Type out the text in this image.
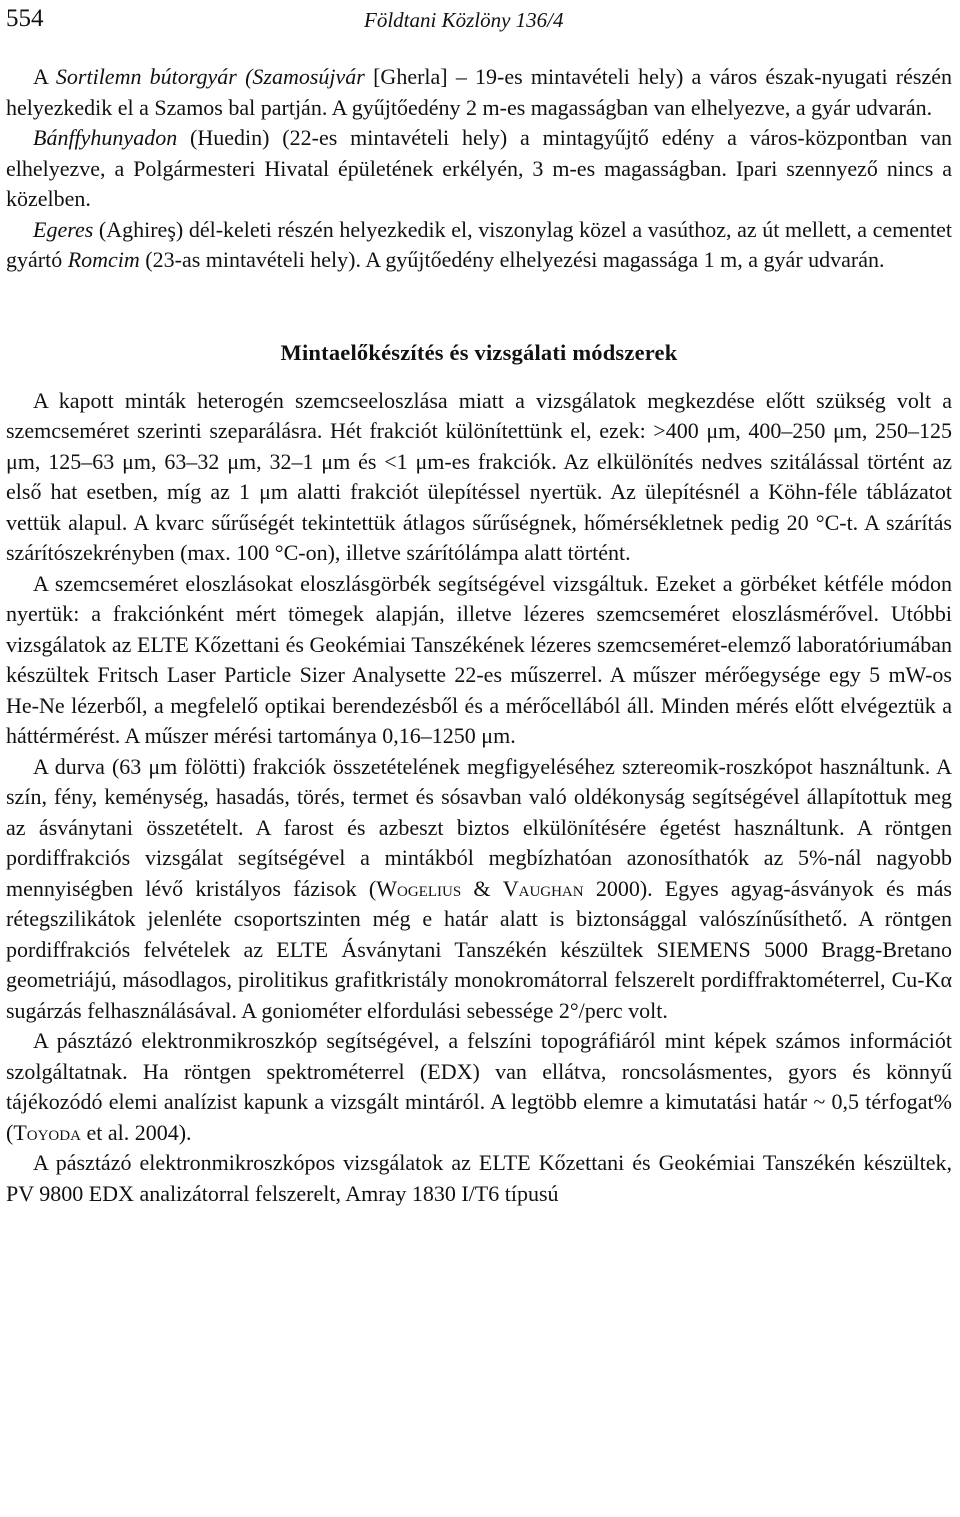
554	Földtani Közlöny 136/4

A Sortilemn bútorgyár (Szamosújvár [Gherla] – 19-es mintavételi hely) a város észak-nyugati részén helyezkedik el a Szamos bal partján. A gyűjtőedény 2 m-es magasságban van elhelyezve, a gyár udvarán.

Bánffyhunyadon (Huedin) (22-es mintavételi hely) a mintagyűjtő edény a város-központban van elhelyezve, a Polgármesteri Hivatal épületének erkélyén, 3 m-es magasságban. Ipari szennyező nincs a közelben.

Egeres (Aghireş) dél-keleti részén helyezkedik el, viszonylag közel a vasúthoz, az út mellett, a cementet gyártó Romcim (23-as mintavételi hely). A gyűjtőedény elhelyezési magassága 1 m, a gyár udvarán.

Mintaelőkészítés és vizsgálati módszerek

A kapott minták heterogén szemcseeloszlása miatt a vizsgálatok megkezdése előtt szükség volt a szemcseméret szerinti szeparálásra. Hét frakciót különítettünk el, ezek: >400 μm, 400–250 μm, 250–125 μm, 125–63 μm, 63–32 μm, 32–1 μm és <1 μm-es frakciók. Az elkülönítés nedves szitálással történt az első hat esetben, míg az 1 μm alatti frakciót ülepítéssel nyertük. Az ülepítésnél a Köhn-féle táblázatot vettük alapul. A kvarc sűrűségét tekintettük átlagos sűrűségnek, hőmérsékletnek pedig 20 °C-t. A szárítás szárítószekrényben (max. 100 °C-on), illetve szárítólámpa alatt történt.

A szemcseméret eloszlásokat eloszlásgörbék segítségével vizsgáltuk. Ezeket a görbéket kétféle módon nyertük: a frakciónként mért tömegek alapján, illetve lézeres szemcseméret eloszlásmérővel. Utóbbi vizsgálatok az ELTE Kőzettani és Geokémiai Tanszékének lézeres szemcseméret-elemző laboratóriumában készültek Fritsch Laser Particle Sizer Analysette 22-es műszerrel. A műszer mérőegysége egy 5 mW-os He-Ne lézerből, a megfelelő optikai berendezésből és a mérőcellából áll. Minden mérés előtt elvégeztük a háttérmérést. A műszer mérési tartománya 0,16–1250 μm.

A durva (63 μm fölötti) frakciók összetételének megfigyeléséhez sztereomik-roszkópot használtunk. A szín, fény, keménység, hasadás, törés, termet és sósavban való oldékonyság segítségével állapítottuk meg az ásványtani összetételt. A farost és azbeszt biztos elkülönítésére égetést használtunk. A röntgen pordiffrakciós vizsgálat segítségével a mintákból megbízhatóan azonosíthatók az 5%-nál nagyobb mennyiségben lévő kristályos fázisok (Wogelius & Vaughan 2000). Egyes agyag-ásványok és más rétegszilikátok jelenléte csoportszinten még e határ alatt is biztonsággal valószínűsíthető. A röntgen pordiffrakciós felvételek az ELTE Ásványtani Tanszékén készültek SIEMENS 5000 Bragg-Bretano geometriájú, másodlagos, pirolitikus grafitkristály monokromátorral felszerelt pordiffraktométerrel, Cu-Kα sugárzás felhasználásával. A goniométer elfordulási sebessége 2°/perc volt.

A pásztázó elektronmikroszkóp segítségével, a felszíni topográfiáról mint képek számos információt szolgáltatnak. Ha röntgen spektrométerrel (EDX) van ellátva, roncsolásmentes, gyors és könnyű tájékozódó elemi analízist kapunk a vizsgált mintáról. A legtöbb elemre a kimutatási határ ~ 0,5 térfogat% (Toyoda et al. 2004).

A pásztázó elektronmikroszkópos vizsgálatok az ELTE Kőzettani és Geokémiai Tanszékén készültek, PV 9800 EDX analizátorral felszerelt, Amray 1830 I/T6 típusú
